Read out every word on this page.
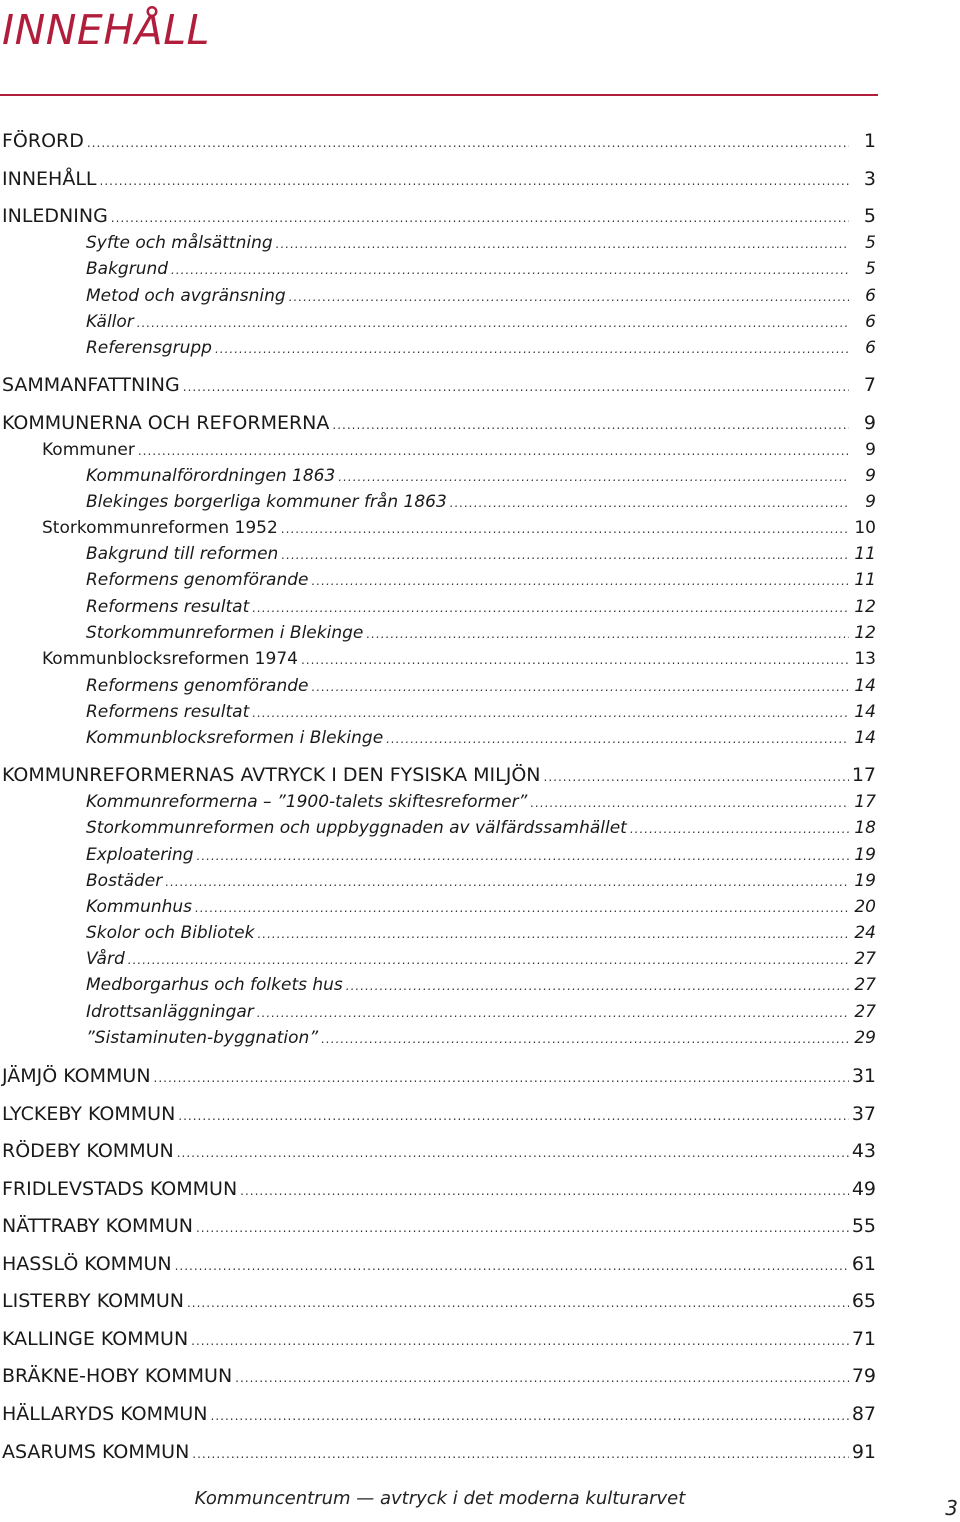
INNEHÅLL
FÖRORD .....	1
INNEHÅLL .....	3
INLEDNING .....	5
Syfte och målsättning .....	5
Bakgrund .....	5
Metod och avgränsning .....	6
Källor .....	6
Referensgrupp .....	6
SAMMANFATTNING .....	7
KOMMUNERNA OCH REFORMERNA .....	9
Kommuner .....	9
Kommunalförordningen 1863 .....	9
Blekinges borgerliga kommuner från 1863 .....	9
Storkommunreformen 1952 .....	10
Bakgrund till reformen .....	11
Reformens genomförande .....	11
Reformens resultat .....	12
Storkommunreformen i Blekinge .....	12
Kommunblocksreformen 1974 .....	13
Reformens genomförande .....	14
Reformens resultat .....	14
Kommunblocksreformen i Blekinge .....	14
KOMMUNREFORMERNAS AVTRYCK I DEN FYSISKA MILJÖN .....	17
Kommunreformerna – ”1900-talets skiftesreformer” .....	17
Storkommunreformen och uppbyggnaden av välfärdssamhället .....	18
Exploatering .....	19
Bostäder .....	19
Kommunhus .....	20
Skolor och Bibliotek .....	24
Vård .....	27
Medborgarhus och folkets hus .....	27
Idrottsanläggningar .....	27
”Sistaminuten-byggnation” .....	29
JÄMJÖ KOMMUN .....	31
LYCKEBY KOMMUN .....	37
RÖDEBY KOMMUN .....	43
FRIDLEVSTADS KOMMUN .....	49
NÄTTRABY KOMMUN .....	55
HASSLÖ KOMMUN .....	61
LISTERBY KOMMUN .....	65
KALLINGE KOMMUN .....	71
BRÄKNE-HOBY KOMMUN .....	79
HÄLLARYDS KOMMUN .....	87
ASARUMS KOMMUN .....	91
Kommuncentrum — avtryck i det moderna kulturarvet	3
